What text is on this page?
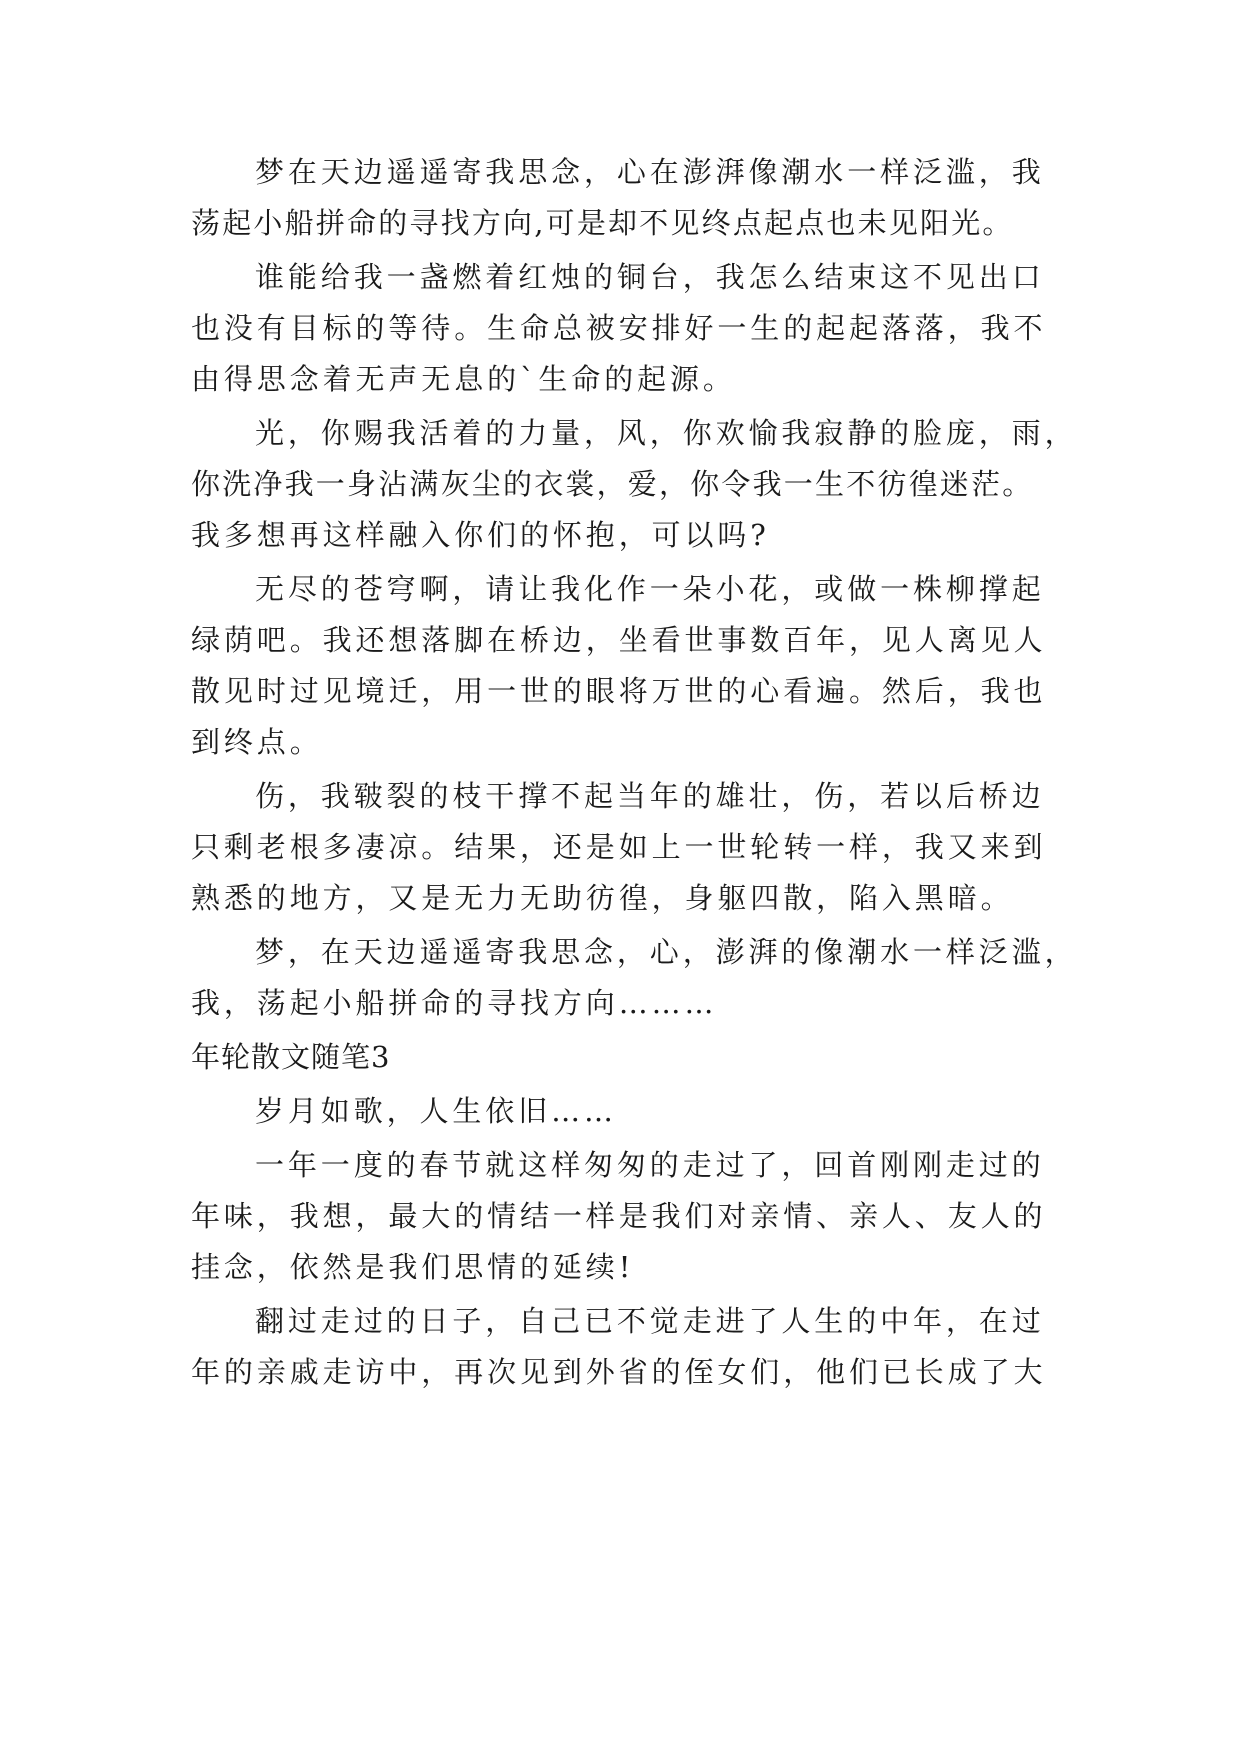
梦在天边遥遥寄我思念，心在澎湃像潮水一样泛滥，我
荡起小船拼命的寻找方向,可是却不见终点起点也未见阳光。
谁能给我一盏燃着红烛的铜台，我怎么结束这不见出口
也没有目标的等待。生命总被安排好一生的起起落落，我不
由得思念着无声无息的`生命的起源。
光，你赐我活着的力量，风，你欢愉我寂静的脸庞，雨，
你洗净我一身沾满灰尘的衣裳，爱，你令我一生不彷徨迷茫。
我多想再这样融入你们的怀抱，可以吗?
无尽的苍穹啊，请让我化作一朵小花，或做一株柳撑起
绿荫吧。我还想落脚在桥边，坐看世事数百年，见人离见人
散见时过见境迁，用一世的眼将万世的心看遍。然后，我也
到终点。
伤，我皲裂的枝干撑不起当年的雄壮，伤，若以后桥边
只剩老根多凄凉。结果，还是如上一世轮转一样，我又来到
熟悉的地方，又是无力无助彷徨，身躯四散，陷入黑暗。
梦，在天边遥遥寄我思念，心，澎湃的像潮水一样泛滥，
我，荡起小船拼命的寻找方向………
年轮散文随笔3
岁月如歌，人生依旧……
一年一度的春节就这样匆匆的走过了，回首刚刚走过的
年味，我想，最大的情结一样是我们对亲情、亲人、友人的
挂念，依然是我们思情的延续!
翻过走过的日子，自己已不觉走进了人生的中年，在过
年的亲戚走访中，再次见到外省的侄女们，他们已长成了大
